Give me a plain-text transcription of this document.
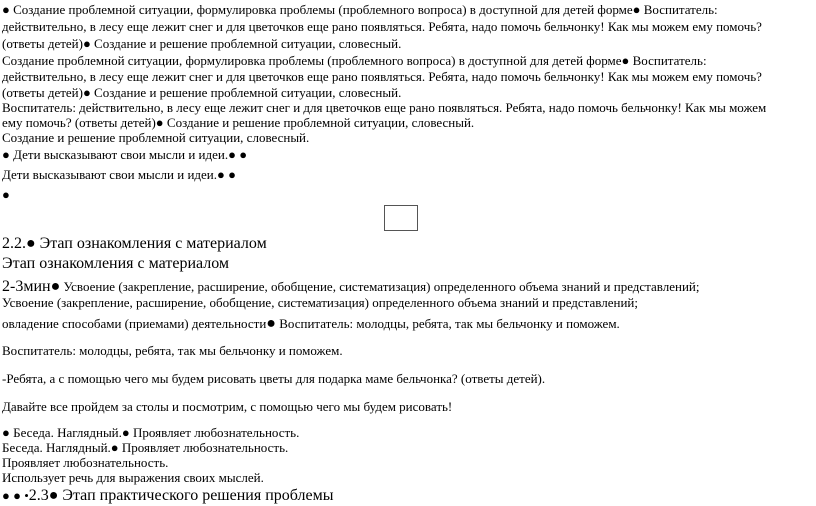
● Создание проблемной ситуации, формулировка проблемы (проблемного вопроса) в доступной для детей форме● Воспитатель:
действительно, в лесу еще лежит снег и для цветочков еще рано появляться. Ребята, надо помочь бельчонку! Как мы можем ему помочь?
(ответы детей)● Создание и решение проблемной ситуации, словесный.
Создание проблемной ситуации, формулировка проблемы (проблемного вопроса) в доступной для детей форме● Воспитатель:
действительно, в лесу еще лежит снег и для цветочков еще рано появляться. Ребята, надо помочь бельчонку! Как мы можем ему помочь?
(ответы детей)● Создание и решение проблемной ситуации, словесный.
Воспитатель: действительно, в лесу еще лежит снег и для цветочков еще рано появляться. Ребята, надо помочь бельчонку! Как мы можем
ему помочь? (ответы детей)● Создание и решение проблемной ситуации, словесный.
Создание и решение проблемной ситуации, словесный.
● Дети высказывают свои мысли и идеи.● ●
Дети высказывают свои мысли и идеи.● ●
●
2.2.● Этап ознакомления с материалом
Этап ознакомления с материалом
2-3мин● Усвоение (закрепление, расширение, обобщение, систематизация) определенного объема знаний и представлений;
Усвоение (закрепление, расширение, обобщение, систематизация) определенного объема знаний и представлений;
овладение способами (приемами) деятельности● Воспитатель: молодцы, ребята, так мы бельчонку и поможем.
Воспитатель: молодцы, ребята, так мы бельчонку и поможем.
-Ребята, а с помощью чего мы будем рисовать цветы для подарка маме бельчонка? (ответы детей).
Давайте все пройдем за столы и посмотрим, с помощью чего мы будем рисовать!
● Беседа. Наглядный.● Проявляет любознательность.
Беседа. Наглядный.● Проявляет любознательность.
Проявляет любознательность.
Использует речь для выражения своих мыслей.
● ● •2.3● Этап практического решения проблемы
